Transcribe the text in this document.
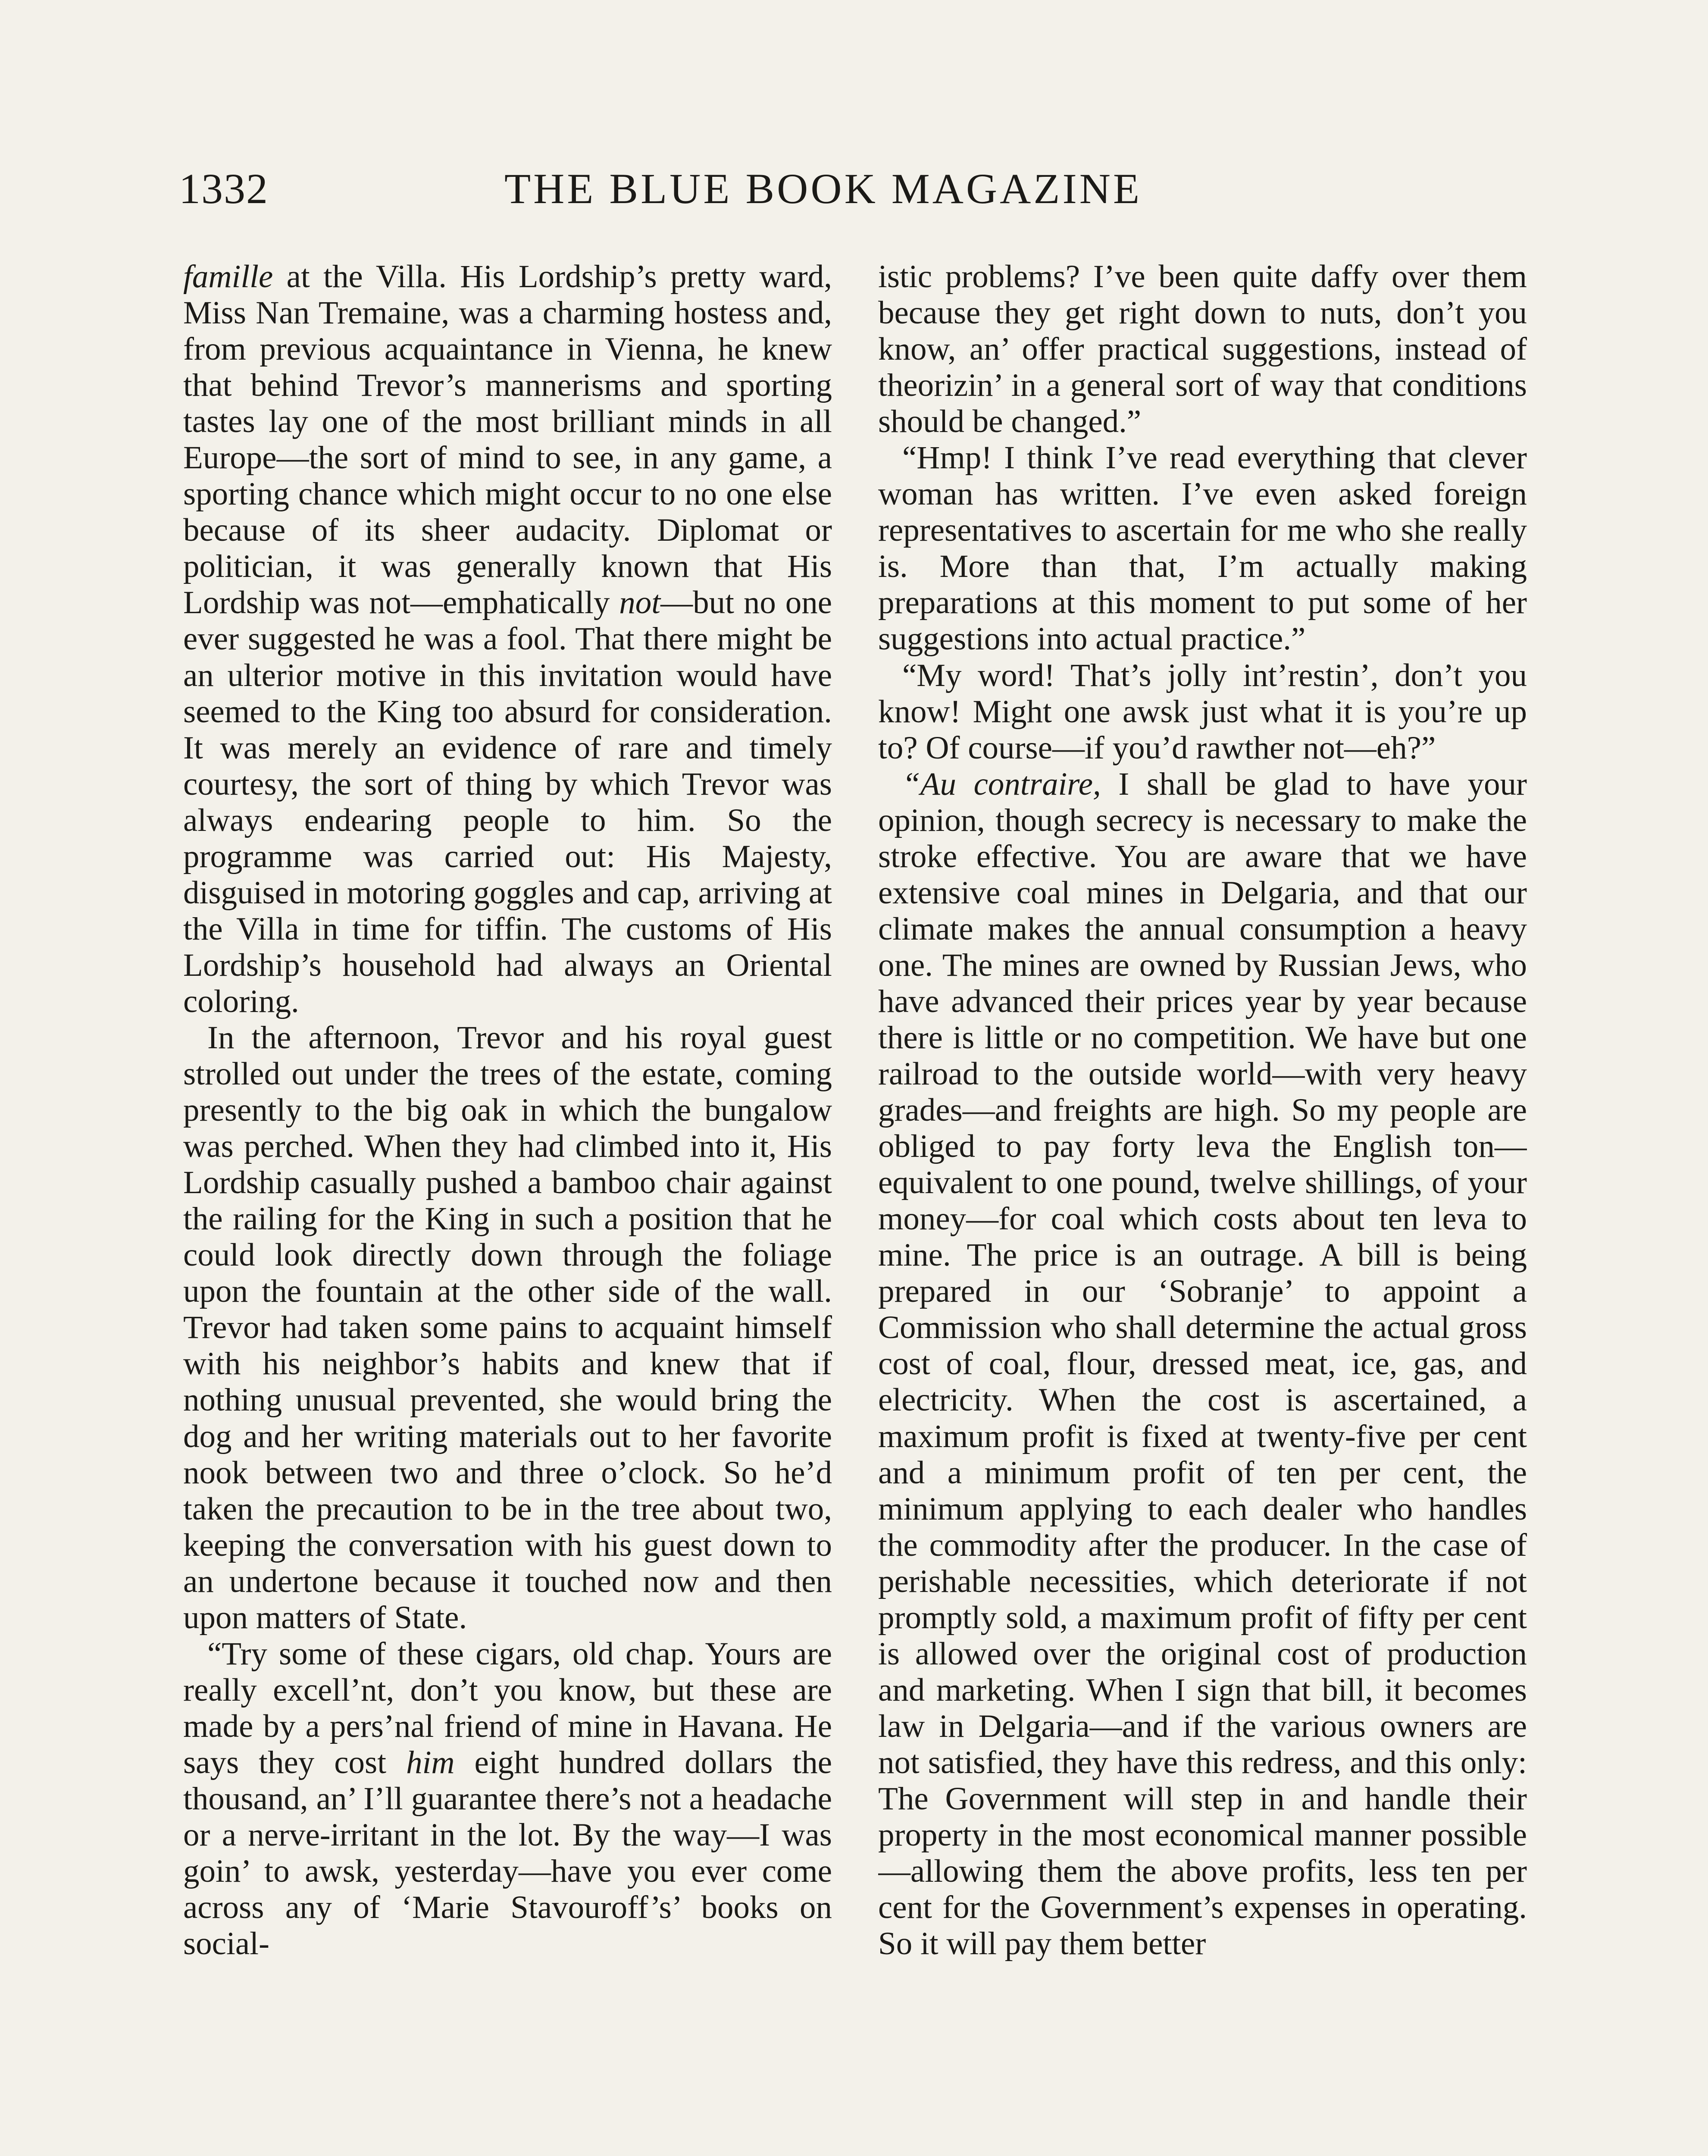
1332	THE BLUE BOOK MAGAZINE

famille at the Villa. His Lordship’s pretty ward, Miss Nan Tremaine, was a charming hostess and, from previous acquaintance in Vienna, he knew that behind Trevor’s mannerisms and sporting tastes lay one of the most brilliant minds in all Europe—the sort of mind to see, in any game, a sporting chance which might occur to no one else because of its sheer audacity. Diplomat or politician, it was generally known that His Lordship was not—emphatically not—but no one ever suggested he was a fool. That there might be an ulterior motive in this invitation would have seemed to the King too absurd for consideration. It was merely an evidence of rare and timely courtesy, the sort of thing by which Trevor was always endearing people to him. So the programme was carried out: His Majesty, disguised in motoring goggles and cap, arriving at the Villa in time for tiffin. The customs of His Lordship’s household had always an Oriental coloring.

In the afternoon, Trevor and his royal guest strolled out under the trees of the estate, coming presently to the big oak in which the bungalow was perched. When they had climbed into it, His Lordship casually pushed a bamboo chair against the railing for the King in such a position that he could look directly down through the foliage upon the fountain at the other side of the wall. Trevor had taken some pains to acquaint himself with his neighbor’s habits and knew that if nothing unusual prevented, she would bring the dog and her writing materials out to her favorite nook between two and three o’clock. So he’d taken the precaution to be in the tree about two, keeping the conversation with his guest down to an undertone because it touched now and then upon matters of State.

“Try some of these cigars, old chap. Yours are really excell’nt, don’t you know, but these are made by a pers’nal friend of mine in Havana. He says they cost him eight hundred dollars the thousand, an’ I’ll guarantee there’s not a headache or a nerve-irritant in the lot. By the way—I was goin’ to awsk, yesterday—have you ever come across any of ‘Marie Stavouroff’s’ books on social-

istic problems? I’ve been quite daffy over them because they get right down to nuts, don’t you know, an’ offer practical suggestions, instead of theorizin’ in a general sort of way that conditions should be changed.”

“Hmp! I think I’ve read everything that clever woman has written. I’ve even asked foreign representatives to ascertain for me who she really is. More than that, I’m actually making preparations at this moment to put some of her suggestions into actual practice.”

“My word! That’s jolly int’restin’, don’t you know! Might one awsk just what it is you’re up to? Of course—if you’d rawther not—eh?”

“Au contraire, I shall be glad to have your opinion, though secrecy is necessary to make the stroke effective. You are aware that we have extensive coal mines in Delgaria, and that our climate makes the annual consumption a heavy one. The mines are owned by Russian Jews, who have advanced their prices year by year because there is little or no competition. We have but one railroad to the outside world—with very heavy grades—and freights are high. So my people are obliged to pay forty leva the English ton—equivalent to one pound, twelve shillings, of your money—for coal which costs about ten leva to mine. The price is an outrage. A bill is being prepared in our ‘Sobranje’ to appoint a Commission who shall determine the actual gross cost of coal, flour, dressed meat, ice, gas, and electricity. When the cost is ascertained, a maximum profit is fixed at twenty-five per cent and a minimum profit of ten per cent, the minimum applying to each dealer who handles the commodity after the producer. In the case of perishable necessities, which deteriorate if not promptly sold, a maximum profit of fifty per cent is allowed over the original cost of production and marketing. When I sign that bill, it becomes law in Delgaria—and if the various owners are not satisfied, they have this redress, and this only: The Government will step in and handle their property in the most economical manner possible—allowing them the above profits, less ten per cent for the Government’s expenses in operating. So it will pay them better
